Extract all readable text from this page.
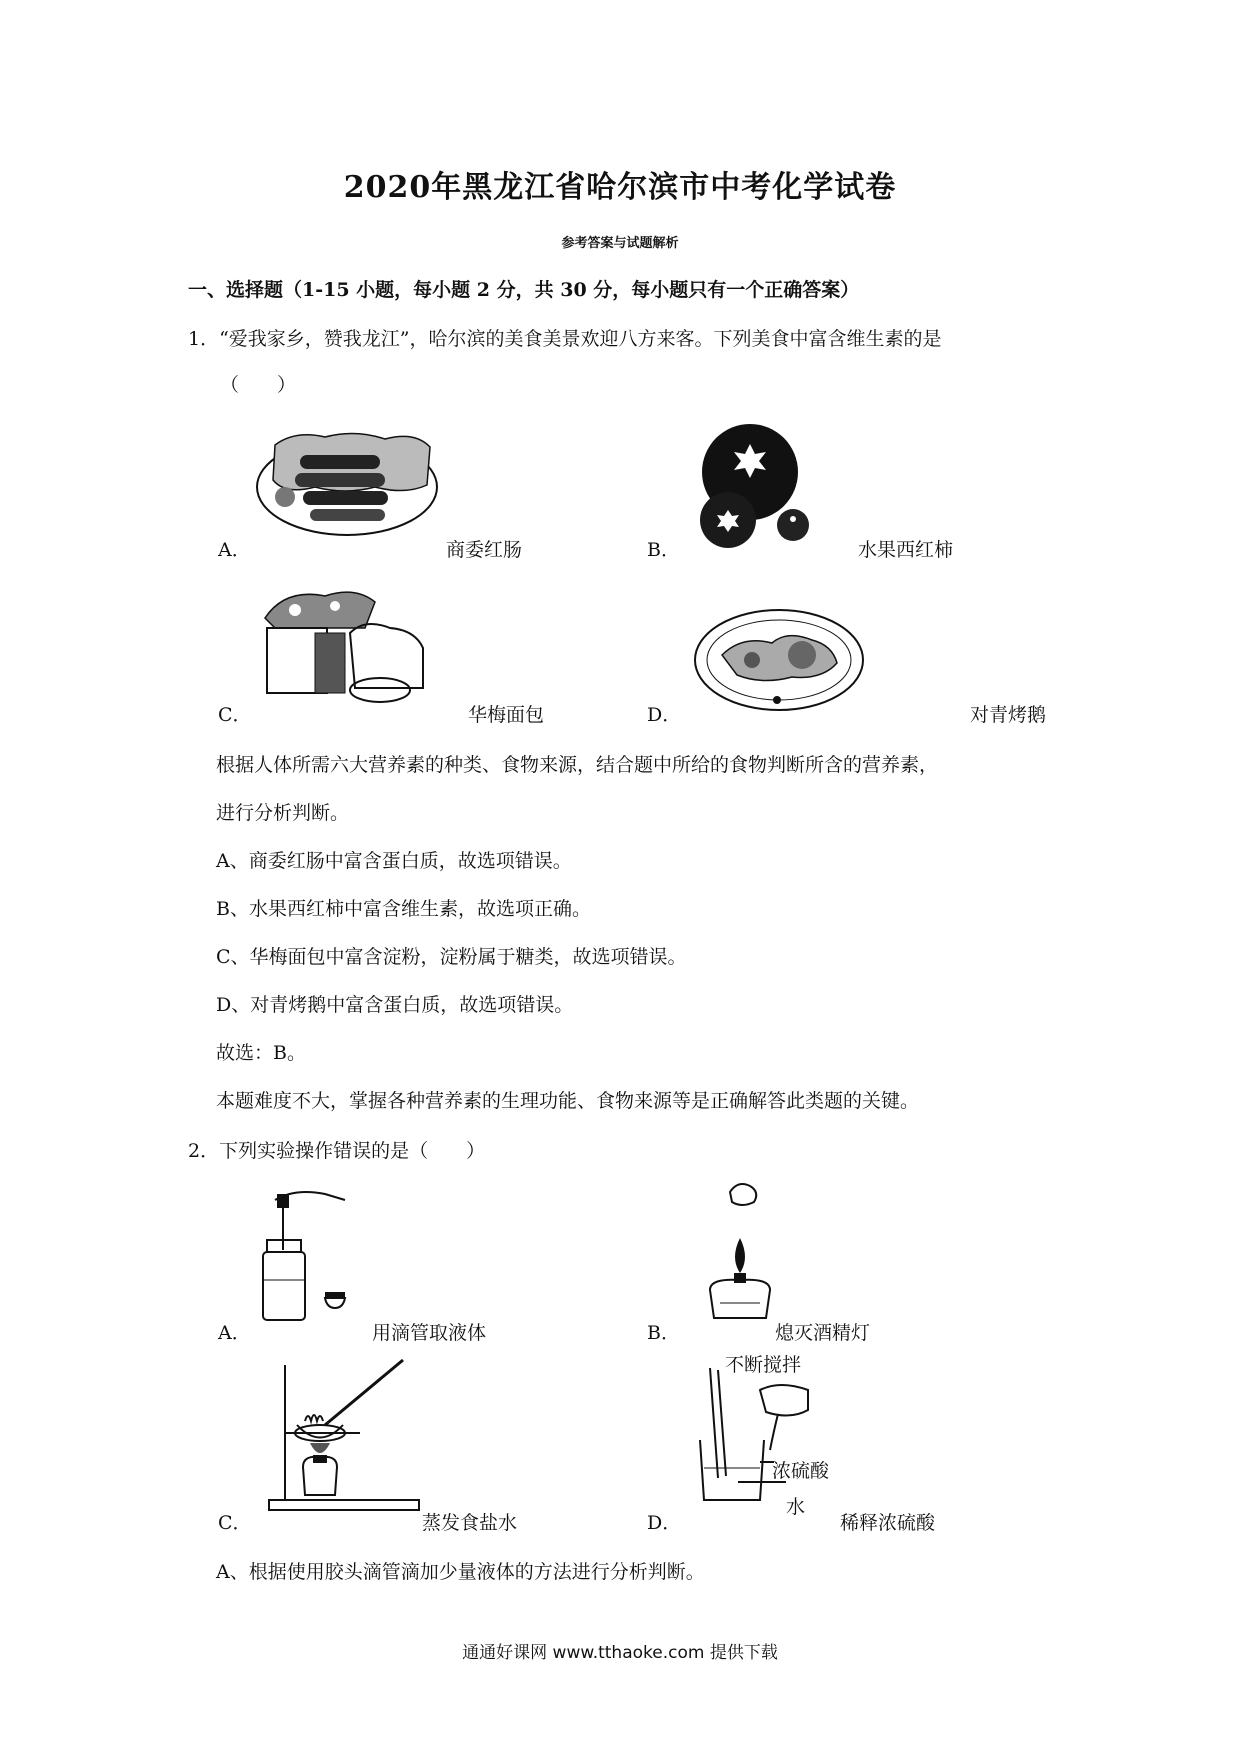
2020年黑龙江省哈尔滨市中考化学试卷
参考答案与试题解析
一、选择题（1-15 小题，每小题 2 分，共 30 分，每小题只有一个正确答案）
1．“爱我家乡，赞我龙江”，哈尔滨的美食美景欢迎八方来客。下列美食中富含维生素的是
（　　）
A．	商委红肠	B．	水果西红柿
C．	华梅面包	D．	对青烤鹅
根据人体所需六大营养素的种类、食物来源，结合题中所给的食物判断所含的营养素，
进行分析判断。
A、商委红肠中富含蛋白质，故选项错误。
B、水果西红柿中富含维生素，故选项正确。
C、华梅面包中富含淀粉，淀粉属于糖类，故选项错误。
D、对青烤鹅中富含蛋白质，故选项错误。
故选：B。
本题难度不大，掌握各种营养素的生理功能、食物来源等是正确解答此类题的关键。
2．下列实验操作错误的是（　　）
A．	用滴管取液体	B．	熄灭酒精灯
C．	蒸发食盐水
不断搅拌
浓硫酸
水
D．	稀释浓硫酸
A、根据使用胶头滴管滴加少量液体的方法进行分析判断。
通通好课网 www.tthaoke.com 提供下载
